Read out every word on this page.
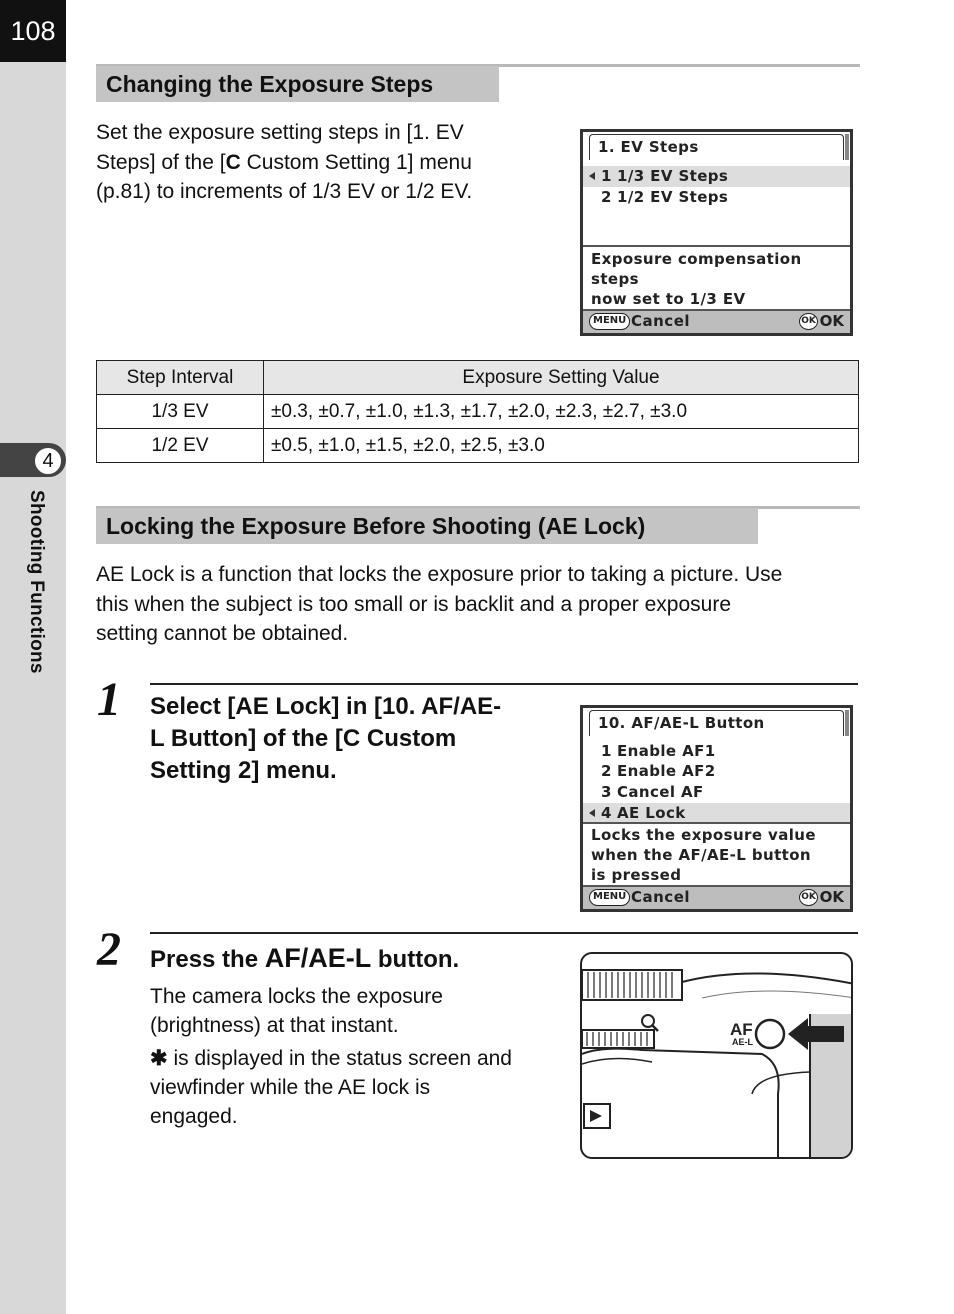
108
4
Shooting Functions
Changing the Exposure Steps
Set the exposure setting steps in [1. EV
Steps] of the [C Custom Setting 1] menu
(p.81) to increments of 1/3 EV or 1/2 EV.
1. EV Steps
1 1/3 EV Steps
2 1/2 EV Steps
Exposure compensation steps
now set to 1/3 EV
MENU Cancel	OK OK
Step Interval	Exposure Setting Value
1/3 EV	±0.3, ±0.7, ±1.0, ±1.3, ±1.7, ±2.0, ±2.3, ±2.7, ±3.0
1/2 EV	±0.5, ±1.0, ±1.5, ±2.0, ±2.5, ±3.0
Locking the Exposure Before Shooting (AE Lock)
AE Lock is a function that locks the exposure prior to taking a picture. Use
this when the subject is too small or is backlit and a proper exposure
setting cannot be obtained.
1 Select [AE Lock] in [10. AF/AE-
L Button] of the [C Custom
Setting 2] menu.
10. AF/AE-L Button
1 Enable AF1
2 Enable AF2
3 Cancel AF
4 AE Lock
Locks the exposure value
when the AF/AE-L button
is pressed
MENU Cancel	OK OK
2 Press the AF/AE-L button.
The camera locks the exposure
(brightness) at that instant.
✱ is displayed in the status screen and
viewfinder while the AE lock is
engaged.
AF
AE-L
